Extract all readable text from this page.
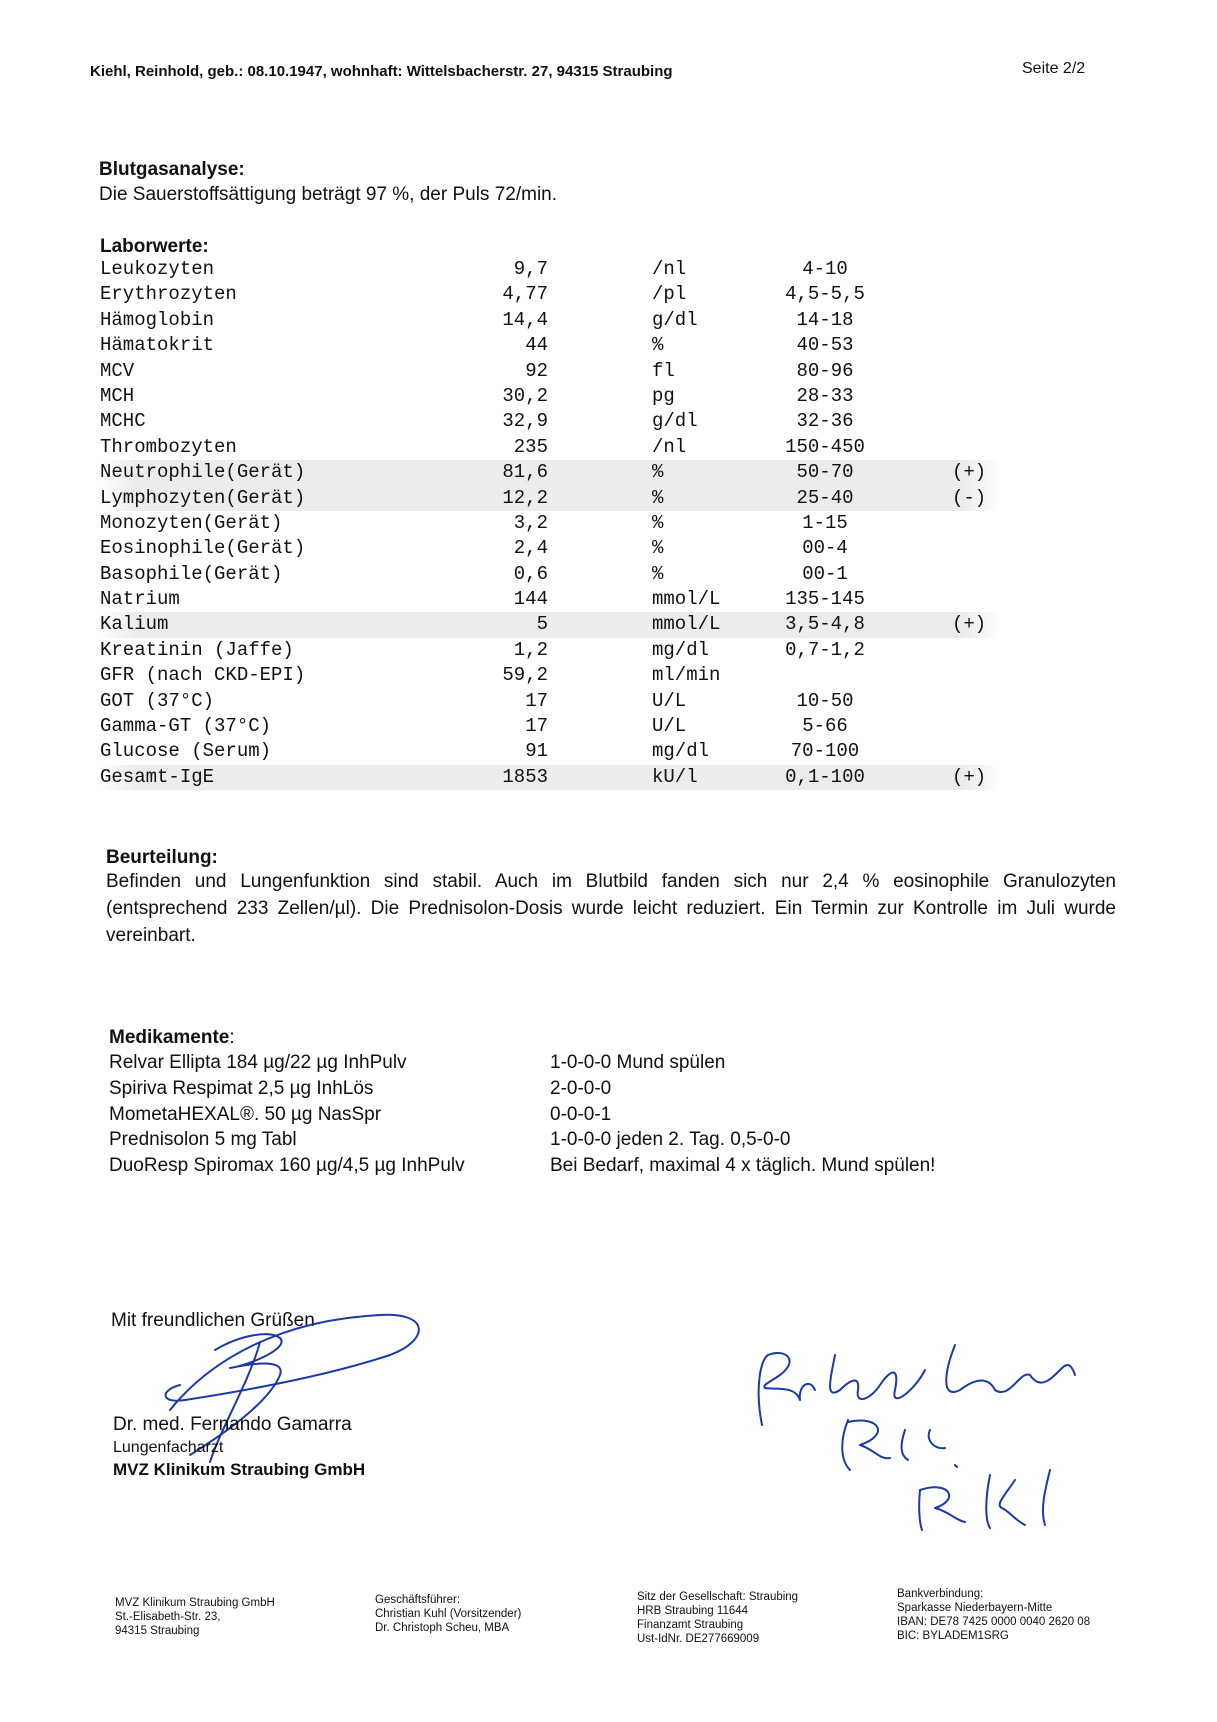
Kiehl, Reinhold, geb.: 08.10.1947, wohnhaft: Wittelsbacherstr. 27, 94315 Straubing	Seite 2/2
Blutgasanalyse:
Die Sauerstoffsättigung beträgt 97 %, der Puls 72/min.
Laborwerte:
Leukozyten	9,7	/nl	4-10
Erythrozyten	4,77	/pl	4,5-5,5
Hämoglobin	14,4	g/dl	14-18
Hämatokrit	44	%	40-53
MCV	92	fl	80-96
MCH	30,2	pg	28-33
MCHC	32,9	g/dl	32-36
Thrombozyten	235	/nl	150-450
Neutrophile(Gerät)	81,6	%	50-70	(+)
Lymphozyten(Gerät)	12,2	%	25-40	(-)
Monozyten(Gerät)	3,2	%	1-15
Eosinophile(Gerät)	2,4	%	00-4
Basophile(Gerät)	0,6	%	00-1
Natrium	144	mmol/L	135-145
Kalium	5	mmol/L	3,5-4,8	(+)
Kreatinin (Jaffe)	1,2	mg/dl	0,7-1,2
GFR (nach CKD-EPI)	59,2	ml/min
GOT (37°C)	17	U/L	10-50
Gamma-GT (37°C)	17	U/L	5-66
Glucose (Serum)	91	mg/dl	70-100
Gesamt-IgE	1853	kU/l	0,1-100	(+)
Beurteilung:
Befinden und Lungenfunktion sind stabil. Auch im Blutbild fanden sich nur 2,4 % eosinophile Granulozyten (entsprechend 233 Zellen/µl). Die Prednisolon-Dosis wurde leicht reduziert. Ein Termin zur Kontrolle im Juli wurde vereinbart.
Medikamente:
Relvar Ellipta 184 µg/22 µg InhPulv	1-0-0-0 Mund spülen
Spiriva Respimat 2,5 µg InhLös	2-0-0-0
MometaHEXAL®. 50 µg NasSpr	0-0-0-1
Prednisolon 5 mg Tabl	1-0-0-0 jeden 2. Tag. 0,5-0-0
DuoResp Spiromax 160 µg/4,5 µg InhPulv	Bei Bedarf, maximal 4 x täglich. Mund spülen!
Mit freundlichen Grüßen
Dr. med. Fernando Gamarra
Lungenfacharzt
MVZ Klinikum Straubing GmbH
MVZ Klinikum Straubing GmbH
St.-Elisabeth-Str. 23,
94315 Straubing
Geschäftsführer:
Christian Kuhl (Vorsitzender)
Dr. Christoph Scheu, MBA
Sitz der Gesellschaft: Straubing
HRB Straubing 11644
Finanzamt Straubing
Ust-IdNr. DE277669009
Bankverbindung:
Sparkasse Niederbayern-Mitte
IBAN: DE78 7425 0000 0040 2620 08
BIC: BYLADEM1SRG
